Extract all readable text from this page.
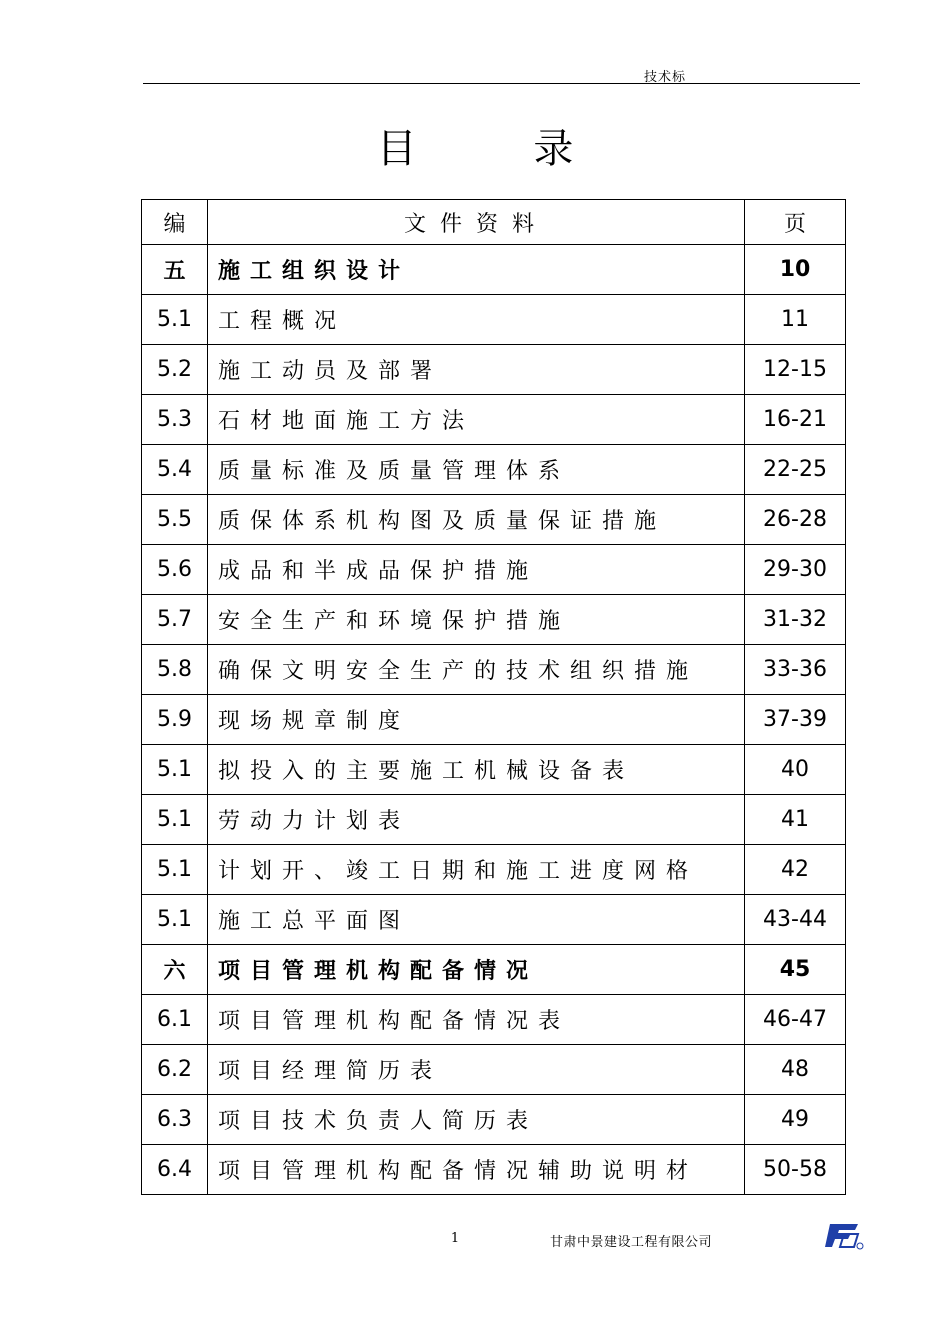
技术标
目 录
编	文件资料	页
五	施工组织设计	10
5.1	工程概况	11
5.2	施工动员及部署	12-15
5.3	石材地面施工方法	16-21
5.4	质量标准及质量管理体系	22-25
5.5	质保体系机构图及质量保证措施	26-28
5.6	成品和半成品保护措施	29-30
5.7	安全生产和环境保护措施	31-32
5.8	确保文明安全生产的技术组织措施	33-36
5.9	现场规章制度	37-39
5.1	拟投入的主要施工机械设备表	40
5.1	劳动力计划表	41
5.1	计划开、竣工日期和施工进度网格	42
5.1	施工总平面图	43-44
六	项目管理机构配备情况	45
6.1	项目管理机构配备情况表	46-47
6.2	项目经理简历表	48
6.3	项目技术负责人简历表	49
6.4	项目管理机构配备情况辅助说明材	50-58
1	甘肃中景建设工程有限公司
